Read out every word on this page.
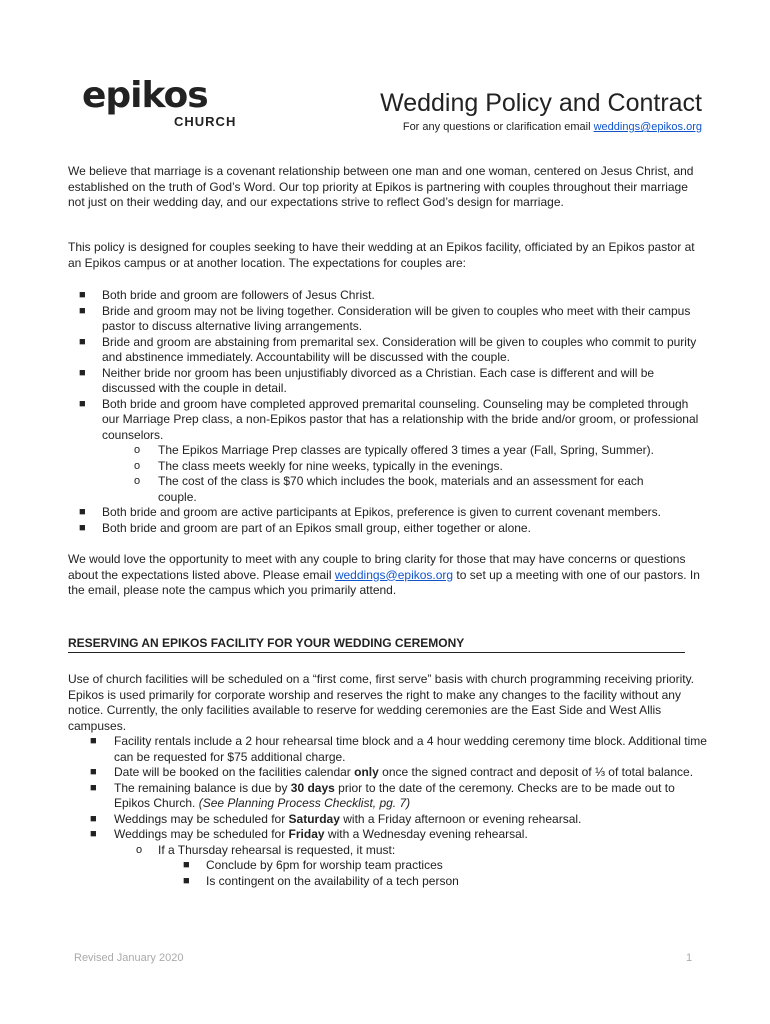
epikos
CHURCH
Wedding Policy and Contract
For any questions or clarification email weddings@epikos.org
We believe that marriage is a covenant relationship between one man and one woman, centered on Jesus Christ, and established on the truth of God’s Word. Our top priority at Epikos is partnering with couples throughout their marriage not just on their wedding day, and our expectations strive to reflect God’s design for marriage.
This policy is designed for couples seeking to have their wedding at an Epikos facility, officiated by an Epikos pastor at an Epikos campus or at another location. The expectations for couples are:
■ Both bride and groom are followers of Jesus Christ.
■ Bride and groom may not be living together. Consideration will be given to couples who meet with their campus pastor to discuss alternative living arrangements.
■ Bride and groom are abstaining from premarital sex. Consideration will be given to couples who commit to purity and abstinence immediately. Accountability will be discussed with the couple.
■ Neither bride nor groom has been unjustifiably divorced as a Christian. Each case is different and will be discussed with the couple in detail.
■ Both bride and groom have completed approved premarital counseling. Counseling may be completed through our Marriage Prep class, a non-Epikos pastor that has a relationship with the bride and/or groom, or professional counselors.
o The Epikos Marriage Prep classes are typically offered 3 times a year (Fall, Spring, Summer).
o The class meets weekly for nine weeks, typically in the evenings.
o The cost of the class is $70 which includes the book, materials and an assessment for each couple.
■ Both bride and groom are active participants at Epikos, preference is given to current covenant members.
■ Both bride and groom are part of an Epikos small group, either together or alone.
We would love the opportunity to meet with any couple to bring clarity for those that may have concerns or questions about the expectations listed above. Please email weddings@epikos.org to set up a meeting with one of our pastors. In the email, please note the campus which you primarily attend.
RESERVING AN EPIKOS FACILITY FOR YOUR WEDDING CEREMONY
Use of church facilities will be scheduled on a “first come, first serve” basis with church programming receiving priority. Epikos is used primarily for corporate worship and reserves the right to make any changes to the facility without any notice. Currently, the only facilities available to reserve for wedding ceremonies are the East Side and West Allis campuses.
■ Facility rentals include a 2 hour rehearsal time block and a 4 hour wedding ceremony time block. Additional time can be requested for $75 additional charge.
■ Date will be booked on the facilities calendar only once the signed contract and deposit of ⅓ of total balance.
■ The remaining balance is due by 30 days prior to the date of the ceremony. Checks are to be made out to Epikos Church. (See Planning Process Checklist, pg. 7)
■ Weddings may be scheduled for Saturday with a Friday afternoon or evening rehearsal.
■ Weddings may be scheduled for Friday with a Wednesday evening rehearsal.
o If a Thursday rehearsal is requested, it must:
■ Conclude by 6pm for worship team practices
■ Is contingent on the availability of a tech person
Revised January 2020	1
